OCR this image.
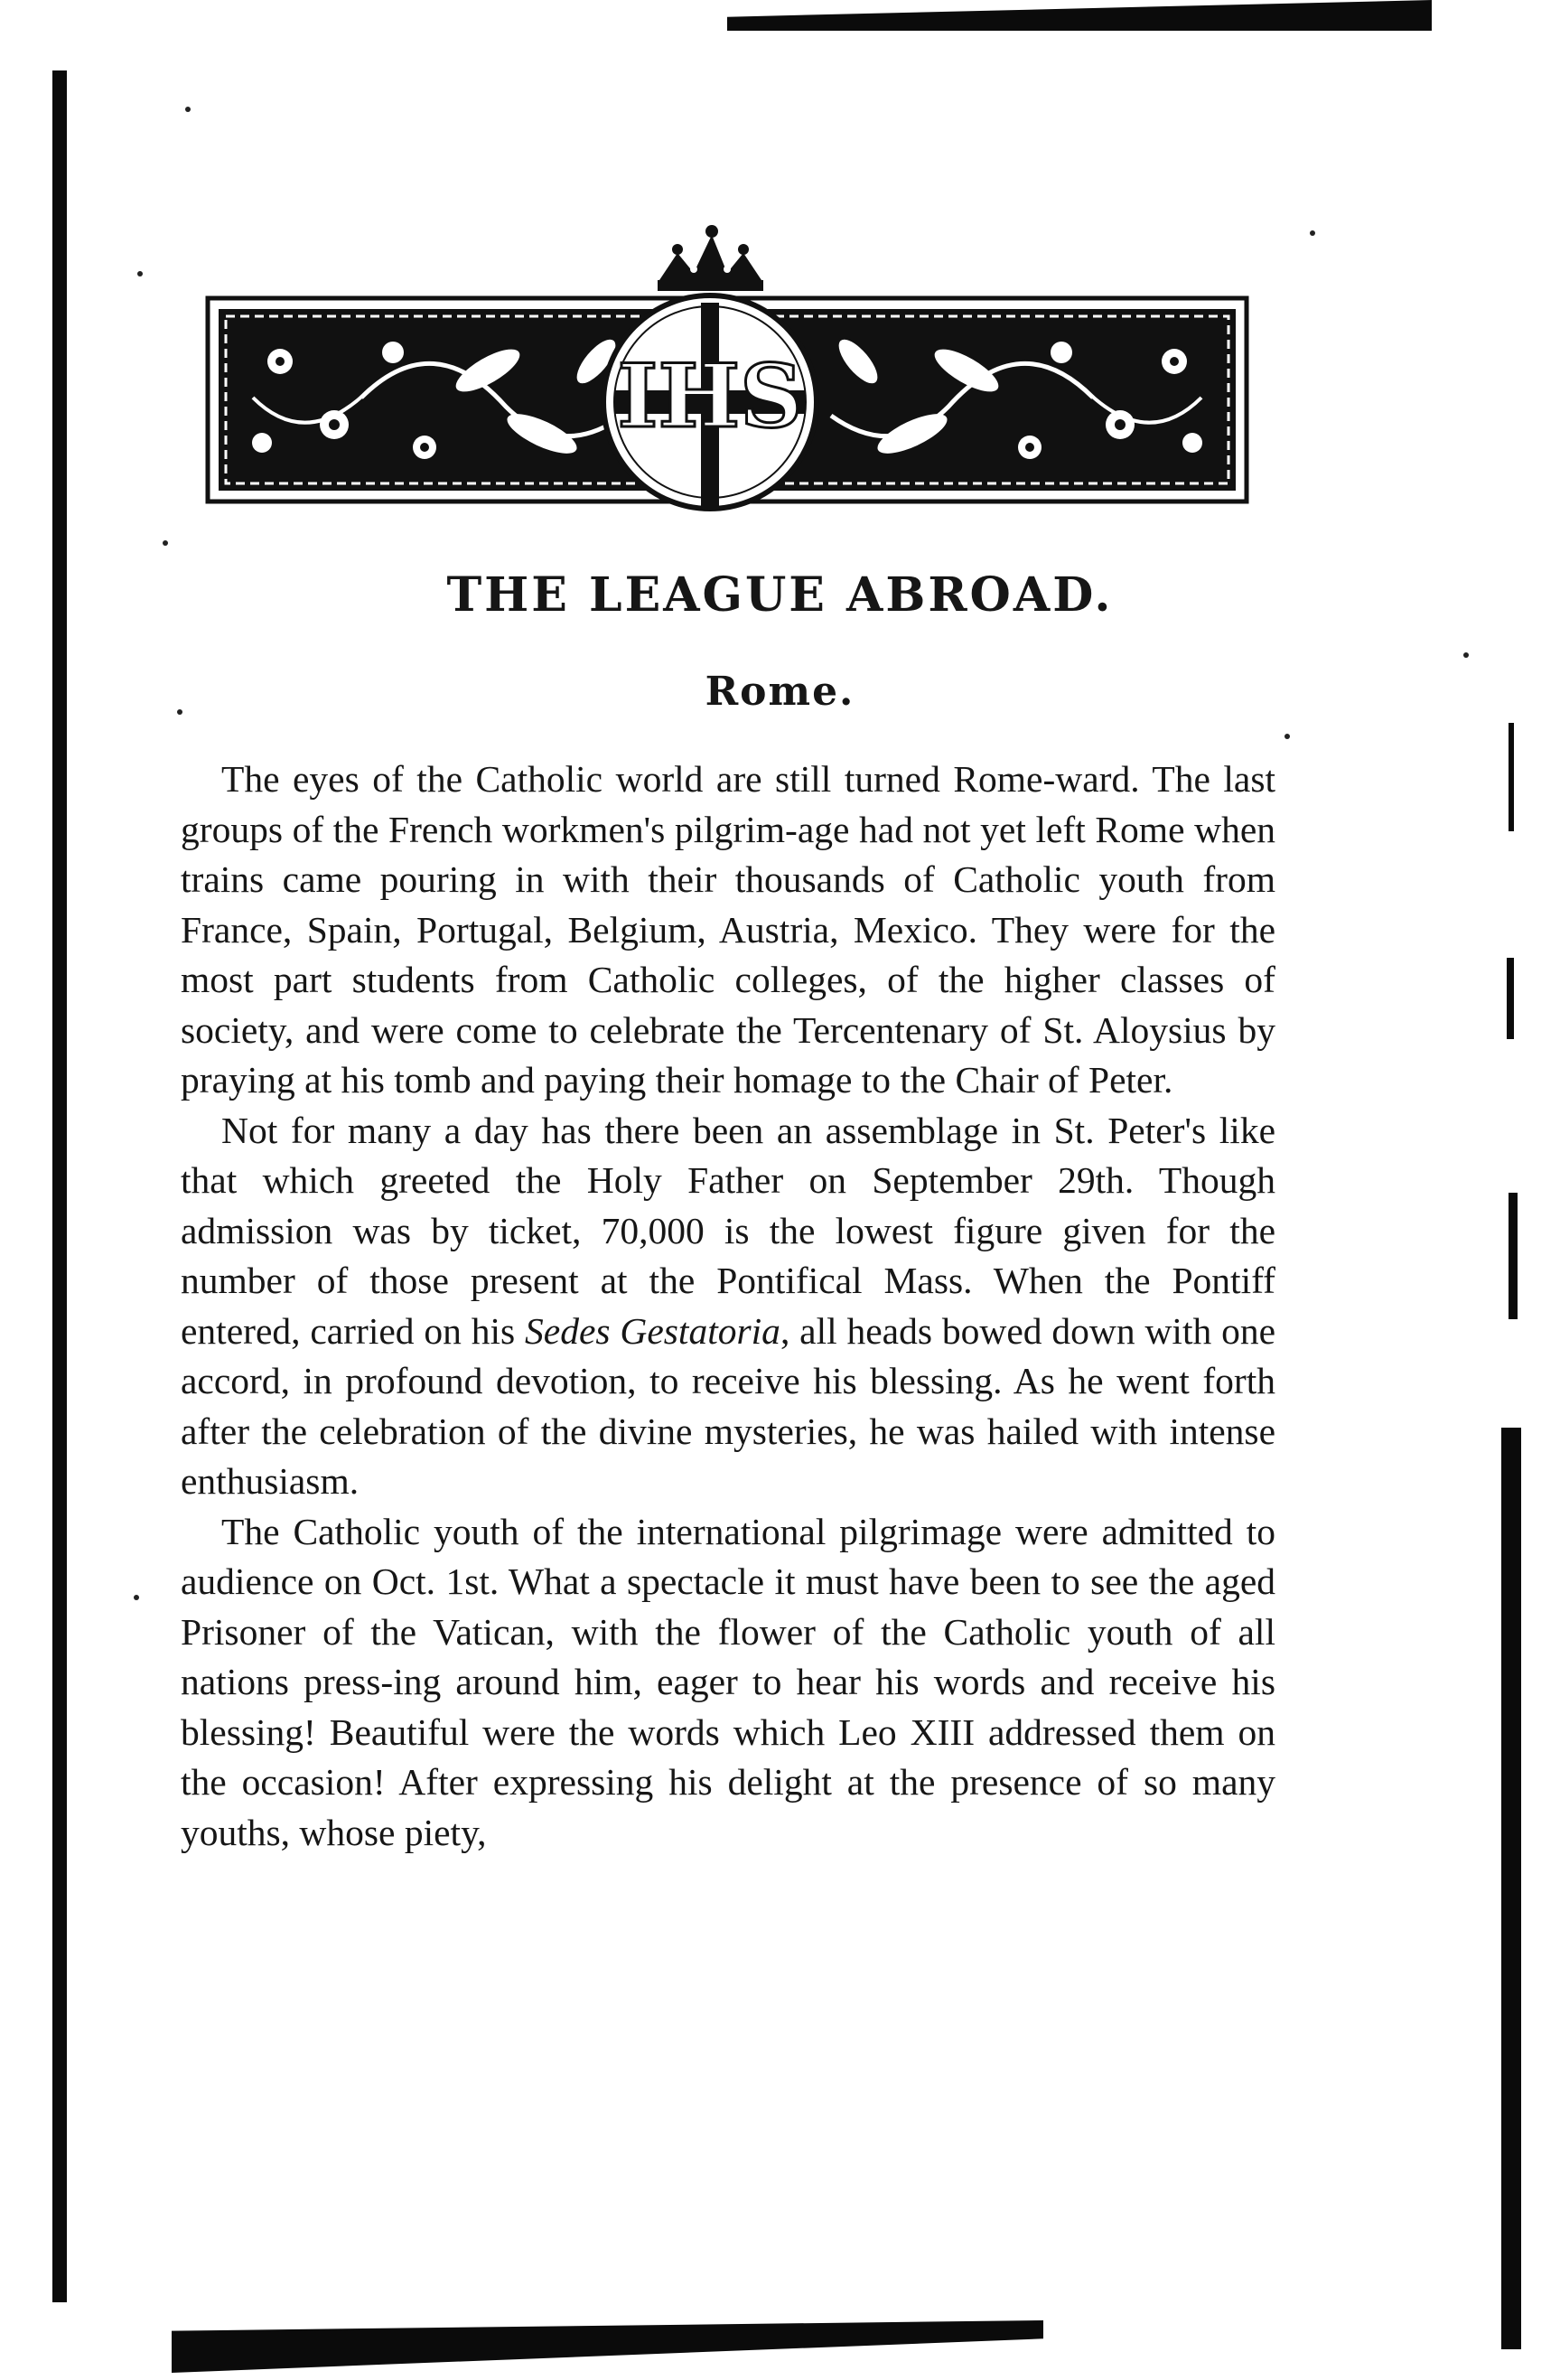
IHS
THE LEAGUE ABROAD.
Rome.

The eyes of the Catholic world are still turned Rome-ward. The last groups of the French workmen's pilgrim-age had not yet left Rome when trains came pouring in with their thousands of Catholic youth from France, Spain, Portugal, Belgium, Austria, Mexico. They were for the most part students from Catholic colleges, of the higher classes of society, and were come to celebrate the Tercentenary of St. Aloysius by praying at his tomb and paying their homage to the Chair of Peter.

Not for many a day has there been an assemblage in St. Peter's like that which greeted the Holy Father on September 29th. Though admission was by ticket, 70,000 is the lowest figure given for the number of those present at the Pontifical Mass. When the Pontiff entered, carried on his Sedes Gestatoria, all heads bowed down with one accord, in profound devotion, to receive his blessing. As he went forth after the celebration of the divine mysteries, he was hailed with intense enthusiasm.

The Catholic youth of the international pilgrimage were admitted to audience on Oct. 1st. What a spectacle it must have been to see the aged Prisoner of the Vatican, with the flower of the Catholic youth of all nations press-ing around him, eager to hear his words and receive his blessing! Beautiful were the words which Leo XIII addressed them on the occasion! After expressing his delight at the presence of so many youths, whose piety,
